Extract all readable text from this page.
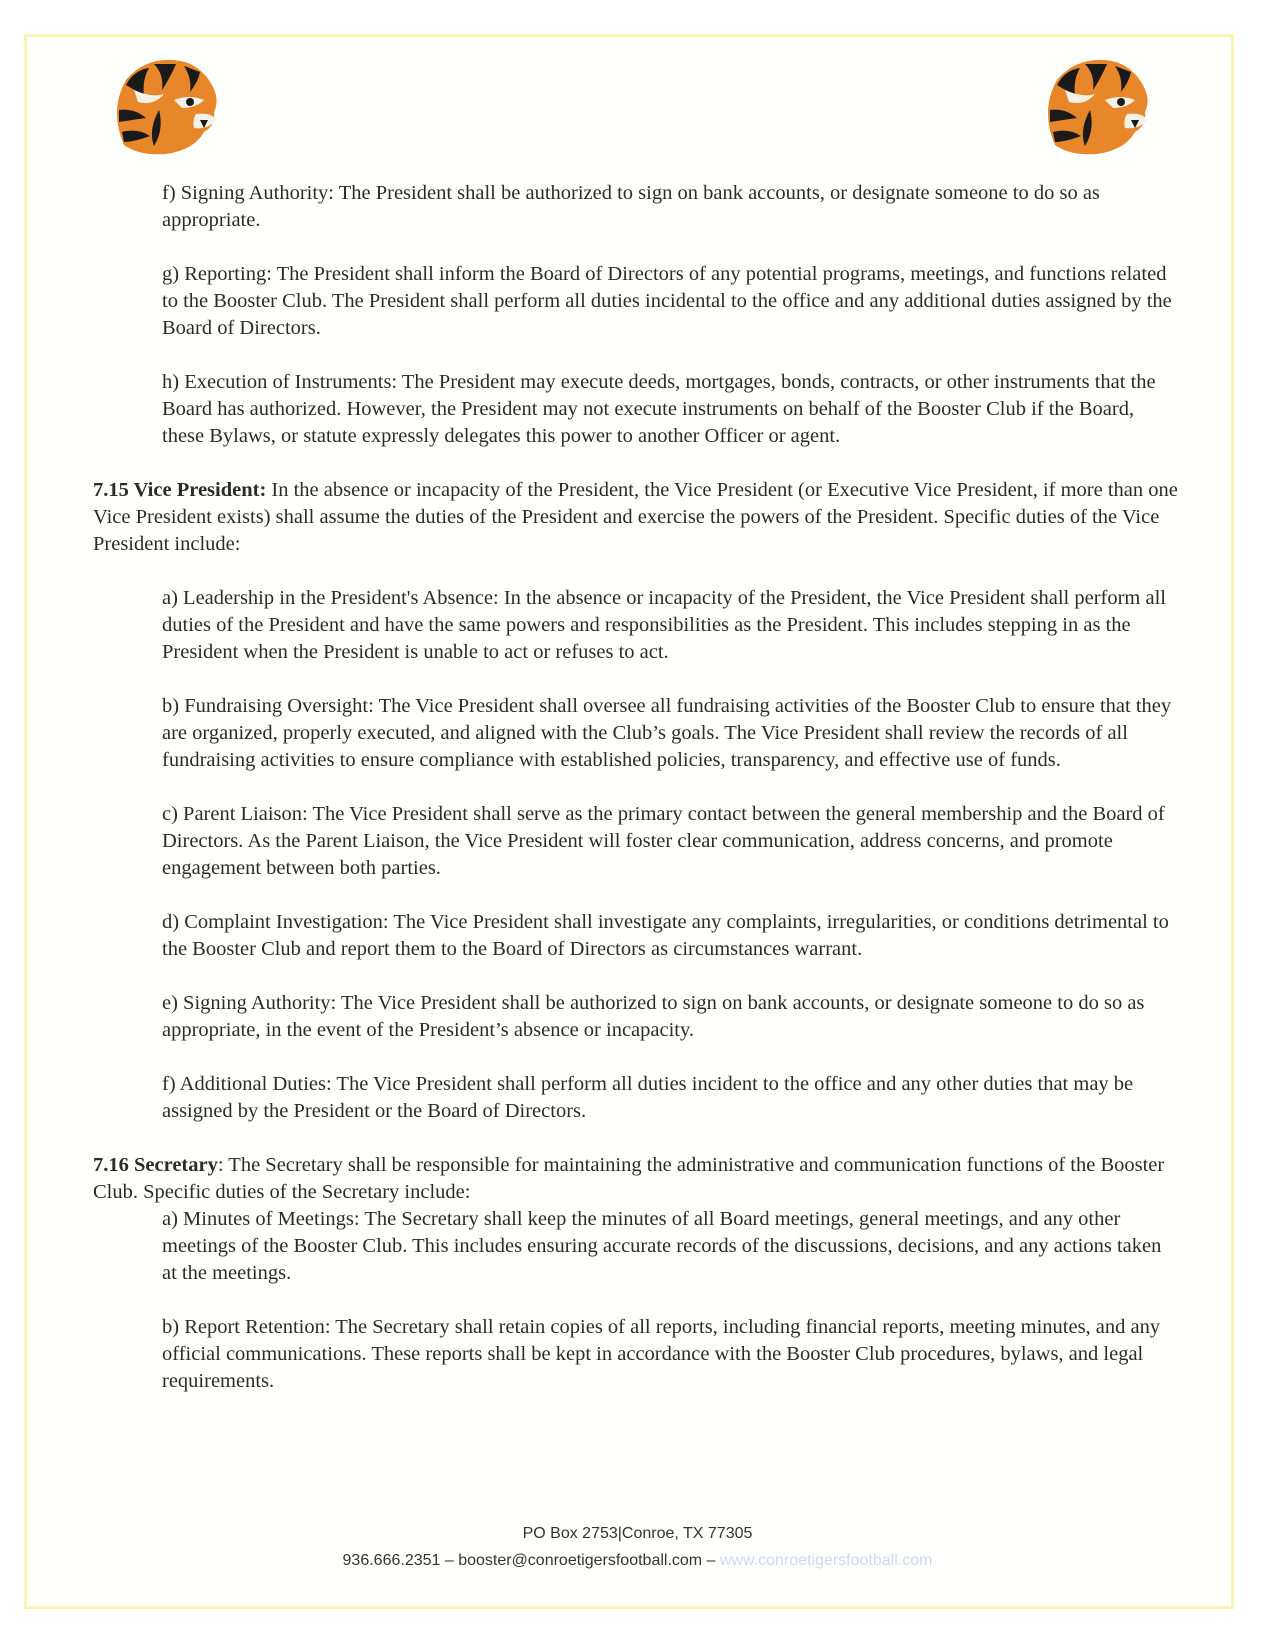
f) Signing Authority: The President shall be authorized to sign on bank accounts, or designate someone to do so as appropriate.

g) Reporting: The President shall inform the Board of Directors of any potential programs, meetings, and functions related to the Booster Club. The President shall perform all duties incidental to the office and any additional duties assigned by the Board of Directors.

h) Execution of Instruments: The President may execute deeds, mortgages, bonds, contracts, or other instruments that the Board has authorized. However, the President may not execute instruments on behalf of the Booster Club if the Board, these Bylaws, or statute expressly delegates this power to another Officer or agent.

7.15 Vice President: In the absence or incapacity of the President, the Vice President (or Executive Vice President, if more than one Vice President exists) shall assume the duties of the President and exercise the powers of the President. Specific duties of the Vice President include:

a) Leadership in the President's Absence: In the absence or incapacity of the President, the Vice President shall perform all duties of the President and have the same powers and responsibilities as the President. This includes stepping in as the President when the President is unable to act or refuses to act.

b) Fundraising Oversight: The Vice President shall oversee all fundraising activities of the Booster Club to ensure that they are organized, properly executed, and aligned with the Club’s goals. The Vice President shall review the records of all fundraising activities to ensure compliance with established policies, transparency, and effective use of funds.

c) Parent Liaison: The Vice President shall serve as the primary contact between the general membership and the Board of Directors. As the Parent Liaison, the Vice President will foster clear communication, address concerns, and promote engagement between both parties.

d) Complaint Investigation: The Vice President shall investigate any complaints, irregularities, or conditions detrimental to the Booster Club and report them to the Board of Directors as circumstances warrant.

e) Signing Authority: The Vice President shall be authorized to sign on bank accounts, or designate someone to do so as appropriate, in the event of the President’s absence or incapacity.

f) Additional Duties: The Vice President shall perform all duties incident to the office and any other duties that may be assigned by the President or the Board of Directors.

7.16 Secretary: The Secretary shall be responsible for maintaining the administrative and communication functions of the Booster Club. Specific duties of the Secretary include:

a) Minutes of Meetings: The Secretary shall keep the minutes of all Board meetings, general meetings, and any other meetings of the Booster Club. This includes ensuring accurate records of the discussions, decisions, and any actions taken at the meetings.

b) Report Retention: The Secretary shall retain copies of all reports, including financial reports, meeting minutes, and any official communications. These reports shall be kept in accordance with the Booster Club procedures, bylaws, and legal requirements.

PO Box 2753|Conroe, TX 77305
936.666.2351 – booster@conroetigersfootball.com – www.conroetigersfootball.com
